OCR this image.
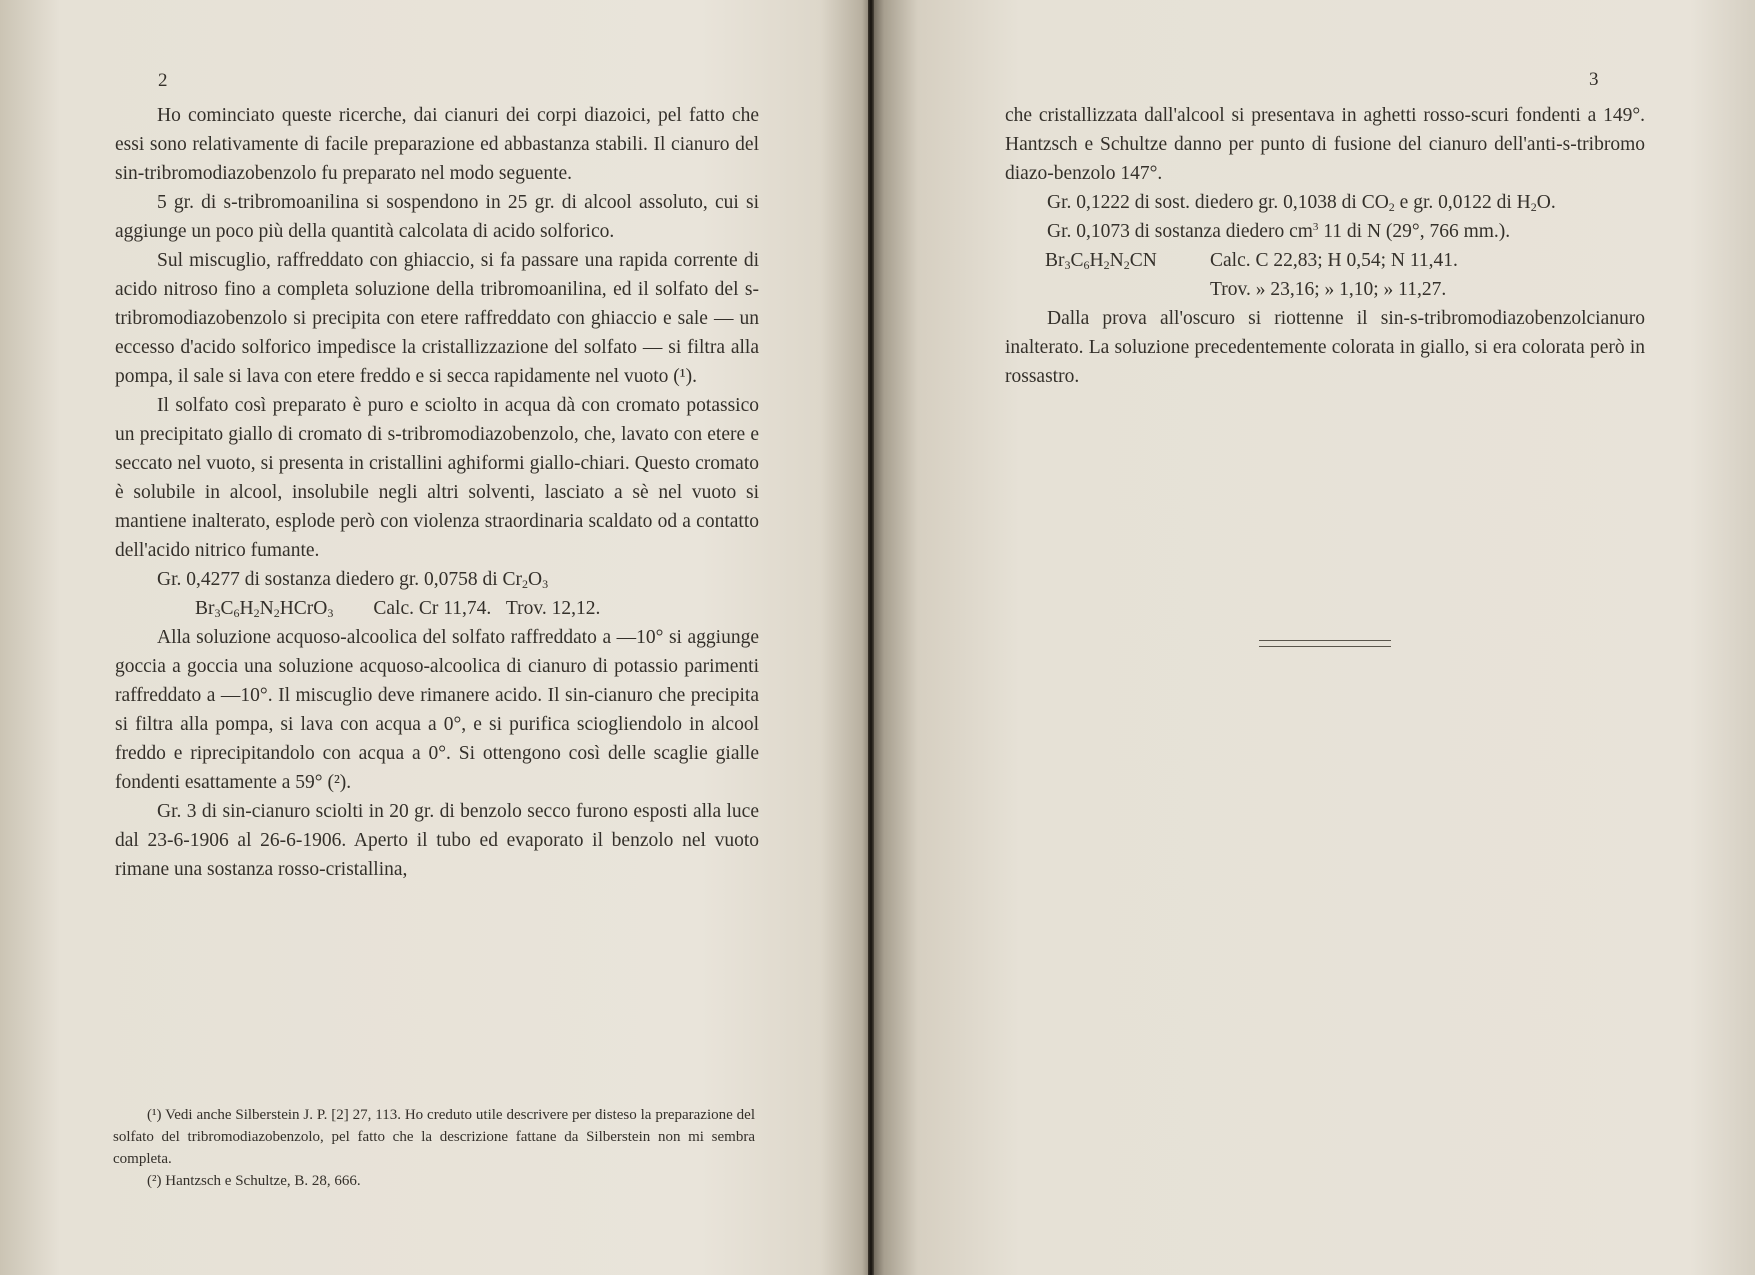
2

Ho cominciato queste ricerche, dai cianuri dei corpi diazoici, pel fatto che essi sono relativamente di facile preparazione ed abbastanza stabili. Il cianuro del sin-tribromodiazobenzolo fu preparato nel modo seguente.

5 gr. di s-tribromoanilina si sospendono in 25 gr. di alcool assoluto, cui si aggiunge un poco più della quantità calcolata di acido solforico.

Sul miscuglio, raffreddato con ghiaccio, si fa passare una rapida corrente di acido nitroso fino a completa soluzione della tribromoanilina, ed il solfato del s-tribromodiazobenzolo si precipita con etere raffreddato con ghiaccio e sale — un eccesso d'acido solforico impedisce la cristallizzazione del solfato — si filtra alla pompa, il sale si lava con etere freddo e si secca rapidamente nel vuoto (¹).

Il solfato così preparato è puro e sciolto in acqua dà con cromato potassico un precipitato giallo di cromato di s-tribromodiazobenzolo, che, lavato con etere e seccato nel vuoto, si presenta in cristallini aghiformi giallo-chiari. Questo cromato è solubile in alcool, insolubile negli altri solventi, lasciato a sè nel vuoto si mantiene inalterato, esplode però con violenza straordinaria scaldato od a contatto dell'acido nitrico fumante.

Gr. 0,4277 di sostanza diedero gr. 0,0758 di $Cr_2O_3$

$Br_3C_6H_2N_2HCrO_3$ Calc. Cr 11,74. Trov. 12,12.

Alla soluzione acquoso-alcoolica del solfato raffreddato a —10° si aggiunge goccia a goccia una soluzione acquoso-alcoolica di cianuro di potassio parimenti raffreddato a —10°. Il miscuglio deve rimanere acido. Il sin-cianuro che precipita si filtra alla pompa, si lava con acqua a 0°, e si purifica sciogliendolo in alcool freddo e riprecipitandolo con acqua a 0°. Si ottengono così delle scaglie gialle fondenti esattamente a 59° (²).

Gr. 3 di sin-cianuro sciolti in 20 gr. di benzolo secco furono esposti alla luce dal 23-6-1906 al 26-6-1906. Aperto il tubo ed evaporato il benzolo nel vuoto rimane una sostanza rosso-cristallina,

(¹) Vedi anche Silberstein J. P. [2] 27, 113. Ho creduto utile descrivere per disteso la preparazione del solfato del tribromodiazobenzolo, pel fatto che la descrizione fattane da Silberstein non mi sembra completa.

(²) Hantzsch e Schultze, B. 28, 666.

3

che cristallizzata dall'alcool si presentava in aghetti rosso-scuri fondenti a 149°. Hantzsch e Schultze danno per punto di fusione del cianuro dell'anti-s-tribromo diazo-benzolo 147°.

Gr. 0,1222 di sost. diedero gr. 0,1038 di $CO_2$ e gr. 0,0122 di $H_2O$.

Gr. 0,1073 di sostanza diedero $cm^3$ 11 di N (29°, 766 mm.).

$Br_3C_6H_2N_2CN$	Calc. C 22,83; H 0,54; N 11,41.

Trov. » 23,16; » 1,10; » 11,27.

Dalla prova all'oscuro si riottenne il sin-s-tribromodiazobenzolcianuro inalterato. La soluzione precedentemente colorata in giallo, si era colorata però in rossastro.
